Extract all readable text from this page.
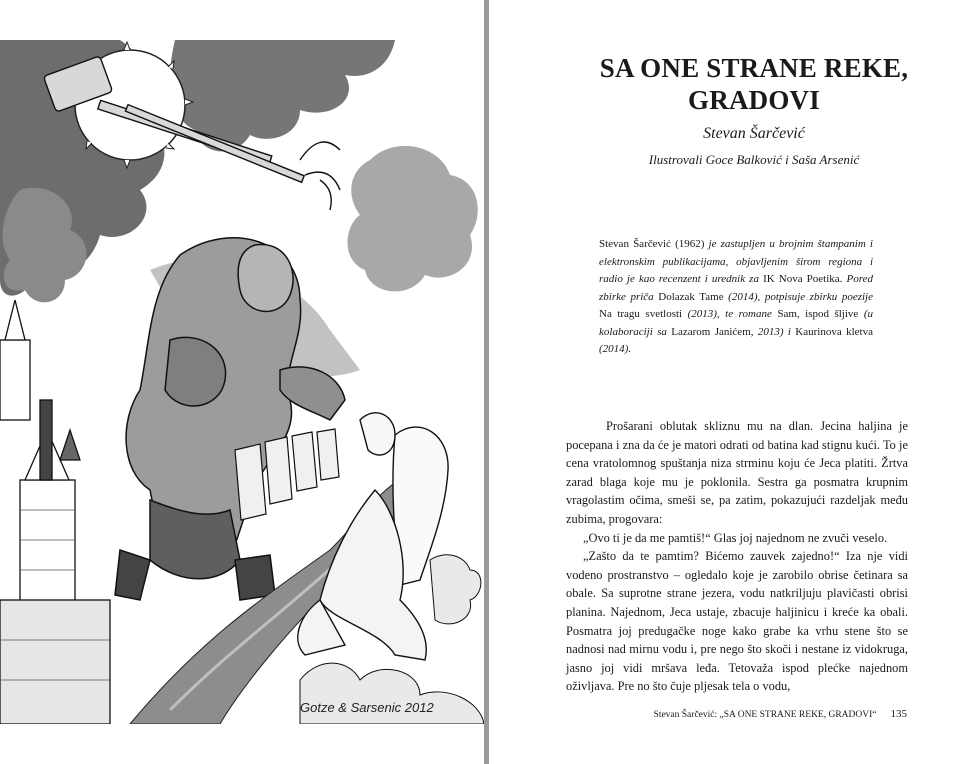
Gotze & Sarsenic 2012
SA ONE STRANE REKE,
GRADOVI
Stevan Šarčević
Ilustrovali Goce Balković i Saša Arsenić
Stevan Šarčević (1962) je zastupljen u brojnim štampanim i elektronskim publikacijama, objavljenim širom regiona i radio je kao recenzent i urednik za IK Nova Poetika. Pored zbirke priča Dolazak Tame (2014), potpisuje zbirku poezije Na tragu svetlosti (2013), te romane Sam, ispod šljive (u kolaboraciji sa Lazarom Janićem, 2013) i Kaurinova kletva (2014).

Prošarani oblutak skliznu mu na dlan. Jecina haljina je pocepana i zna da će je matori odrati od batina kad stignu kući. To je cena vratolomnog spuštanja niza strminu koju će Jeca platiti. Žrtva zarad blaga koje mu je poklonila. Sestra ga posmatra krupnim vragolastim očima, smeši se, pa zatim, pokazujući razdeljak među zubima, progovara:

„Ovo ti je da me pamtiš!“ Glas joj najednom ne zvuči veselo.

„Zašto da te pamtim? Bićemo zauvek zajedno!“ Iza nje vidi vodeno prostranstvo – ogledalo koje je zarobilo obrise četinara sa obale. Sa suprotne strane jezera, vodu natkriljuju plavičasti obrisi planina. Najednom, Jeca ustaje, zbacuje haljinicu i kreće ka obali. Posmatra joj predugačke noge kako grabe ka vrhu stene što se nadnosi nad mirnu vodu i, pre nego što skoči i nestane iz vidokruga, jasno joj vidi mršava leđa. Tetovaža ispod plećke najednom oživljava. Pre no što čuje pljesak tela o vodu,

Stevan Šarčević: „SA ONE STRANE REKE, GRADOVI“ 135
